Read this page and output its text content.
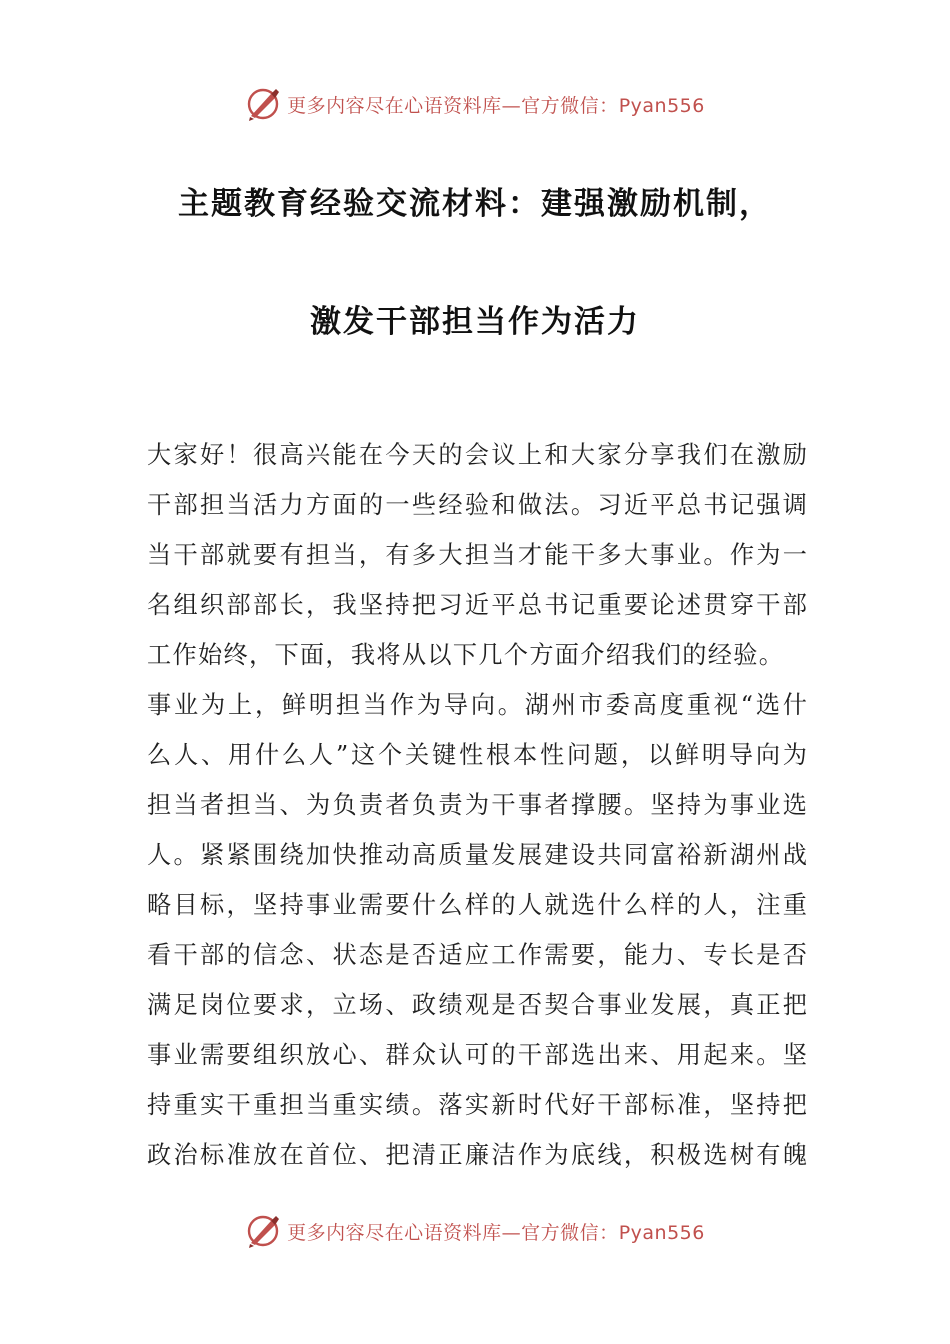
更多内容尽在心语资料库—官方微信：Pyan556
主题教育经验交流材料：建强激励机制，
激发干部担当作为活力
大家好！很高兴能在今天的会议上和大家分享我们在激励
干部担当活力方面的一些经验和做法。习近平总书记强调
当干部就要有担当，有多大担当才能干多大事业。作为一
名组织部部长，我坚持把习近平总书记重要论述贯穿干部
工作始终，下面，我将从以下几个方面介绍我们的经验。
事业为上，鲜明担当作为导向。湖州市委高度重视“选什
么人、用什么人”这个关键性根本性问题，以鲜明导向为
担当者担当、为负责者负责为干事者撑腰。坚持为事业选
人。紧紧围绕加快推动高质量发展建设共同富裕新湖州战
略目标，坚持事业需要什么样的人就选什么样的人，注重
看干部的信念、状态是否适应工作需要，能力、专长是否
满足岗位要求，立场、政绩观是否契合事业发展，真正把
事业需要组织放心、群众认可的干部选出来、用起来。坚
持重实干重担当重实绩。落实新时代好干部标准，坚持把
政治标准放在首位、把清正廉洁作为底线，积极选树有魄
更多内容尽在心语资料库—官方微信：Pyan556
